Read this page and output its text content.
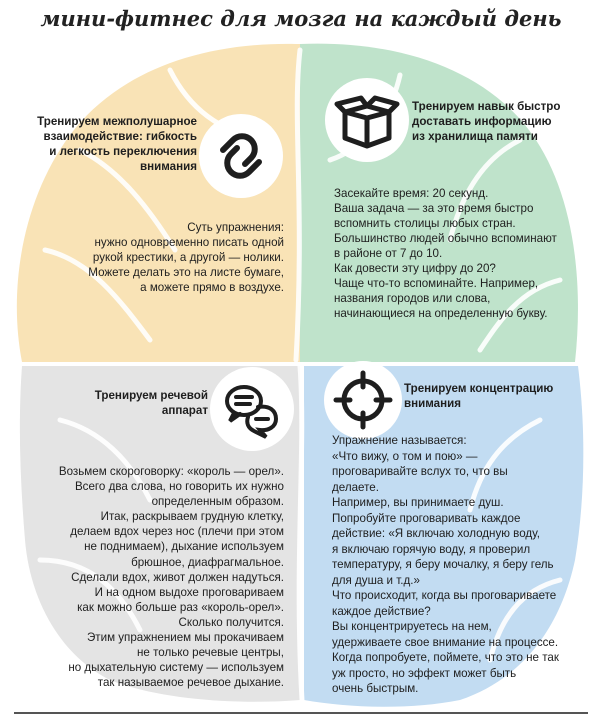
мини-фитнес для мозга на каждый день
Тренируем межполушарное
взаимодействие: гибкость
и легкость переключения
внимания
Суть упражнения:
нужно одновременно писать одной
рукой крестики, а другой — нолики.
Можете делать это на листе бумаге,
а можете прямо в воздухе.
Тренируем навык быстро
доставать информацию
из хранилища памяти
Засекайте время: 20 секунд.
Ваша задача — за это время быстро
вспомнить столицы любых стран.
Большинство людей обычно вспоминают
в районе от 7 до 10.
Как довести эту цифру до 20?
Чаще что-то вспоминайте. Например,
названия городов или слова,
начинающиеся на определенную букву.
Тренируем речевой
аппарат
Возьмем скороговорку: «король — орел».
Всего два слова, но говорить их нужно
определенным образом.
Итак, раскрываем грудную клетку,
делаем вдох через нос (плечи при этом
не поднимаем), дыхание используем
брюшное, диафрагмальное.
Сделали вдох, живот должен надуться.
И на одном выдохе проговариваем
как можно больше раз «король-орел».
Сколько получится.
Этим упражнением мы прокачиваем
не только речевые центры,
но дыхательную систему — используем
так называемое речевое дыхание.
Тренируем концентрацию
внимания
Упражнение называется:
«Что вижу, о том и пою» —
проговаривайте вслух то, что вы
делаете.
Например, вы принимаете душ.
Попробуйте проговаривать каждое
действие: «Я включаю холодную воду,
я включаю горячую воду, я проверил
температуру, я беру мочалку, я беру гель
для душа и т.д.»
Что происходит, когда вы проговариваете
каждое действие?
Вы концентрируетесь на нем,
удерживаете свое внимание на процессе.
Когда попробуете, поймете, что это не так
уж просто, но эффект может быть
очень быстрым.
